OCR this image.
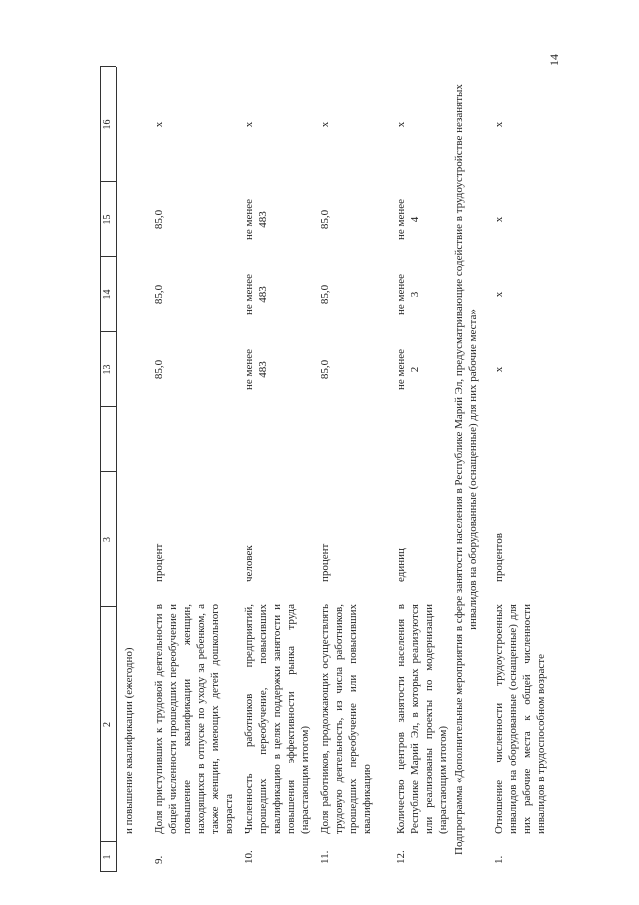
14
1
2
3
13
14
15
16
и повышение квалификации (ежегодно)
9.
Доля приступивших к трудовой деятельности в общей численности прошедших переобучение и повышение квалификации женщин, находящихся в отпуске по уходу за ребенком, а также женщин, имеющих детей дошкольного возраста
процент
85,0
85,0
85,0
х
10.
Численность работников предприятий, прошедших переобучение, повысивших квалификацию в целях поддержки занятости и повышения эффективности рынка труда (нарастающим итогом)
человек
не менее 483
не менее 483
не менее 483
х
11.
Доля работников, продолжающих осуществлять трудовую деятельность, из числа работников, прошедших переобучение или повысивших квалификацию
процент
85,0
85,0
85,0
х
12.
Количество центров занятости населения в Республике Марий Эл, в которых реализуются или реализованы проекты по модернизации (нарастающим итогом)
единиц
не менее 2
не менее 3
не менее 4
х	Подпрограмма «Дополнительные мероприятия в сфере занятости населения в Республике Марий Эл, предусматривающие содействие в трудоустройстве незанятых инвалидов на оборудованные (оснащенные) для них рабочие места»
1.
Отношение численности трудоустроенных инвалидов на оборудованные (оснащенные) для них рабочие места к общей численности инвалидов в трудоспособном возрасте
процентов
х
х
х
х
